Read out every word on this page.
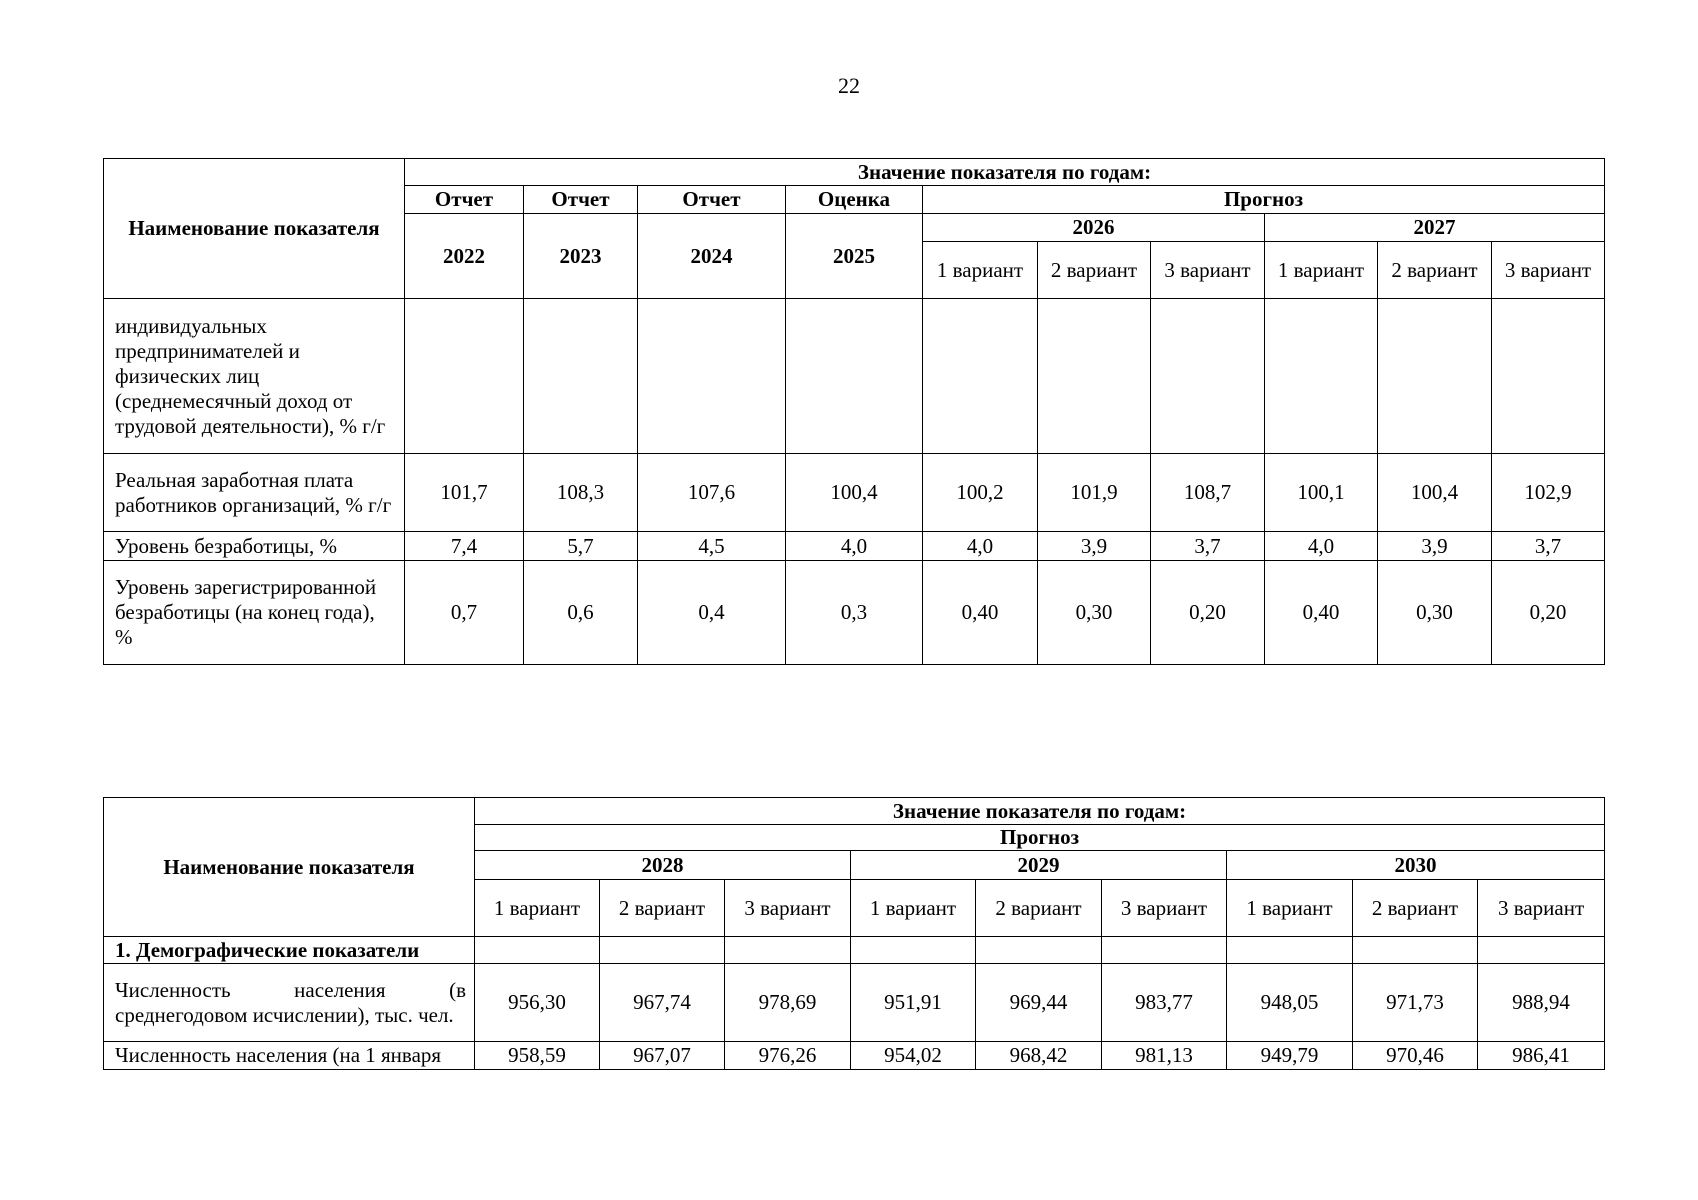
22
Наименование показателя	Значение показателя по годам:									
	Отчет	Отчет	Отчет	Оценка	Прогноз					
	2022	2023	2024	2025	2026			2027		
					1 вариант	2 вариант	3 вариант	1 вариант	2 вариант	3 вариант
индивидуальных предпринимателей и физических лиц (среднемесячный доход от трудовой деятельности), % г/г										
Реальная заработная плата работников организаций, % г/г	101,7	108,3	107,6	100,4	100,2	101,9	108,7	100,1	100,4	102,9
Уровень безработицы, %	7,4	5,7	4,5	4,0	4,0	3,9	3,7	4,0	3,9	3,7
Уровень зарегистрированной безработицы (на конец года), %	0,7	0,6	0,4	0,3	0,40	0,30	0,20	0,40	0,30	0,20
Наименование показателя	Значение показателя по годам:								
	Прогноз								
	2028			2029			2030		
	1 вариант	2 вариант	3 вариант	1 вариант	2 вариант	3 вариант	1 вариант	2 вариант	3 вариант
1. Демографические показатели									
Численность населения (в среднегодовом исчислении), тыс. чел.	956,30	967,74	978,69	951,91	969,44	983,77	948,05	971,73	988,94
Численность населения (на 1 января	958,59	967,07	976,26	954,02	968,42	981,13	949,79	970,46	986,41
